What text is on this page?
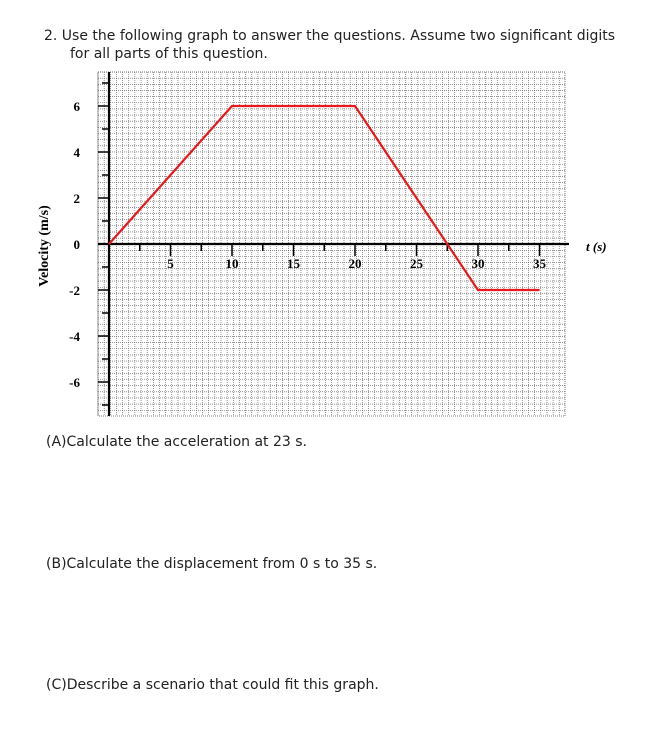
2. Use the following graph to answer the questions. Assume two significant digits
for all parts of this question.
6
4
2
0
-2
-4
-6
5	10	15	20	25	30	35
t (s)
Velocity (m/s)
(A)Calculate the acceleration at 23 s.
(B)Calculate the displacement from 0 s to 35 s.
(C)Describe a scenario that could fit this graph.
